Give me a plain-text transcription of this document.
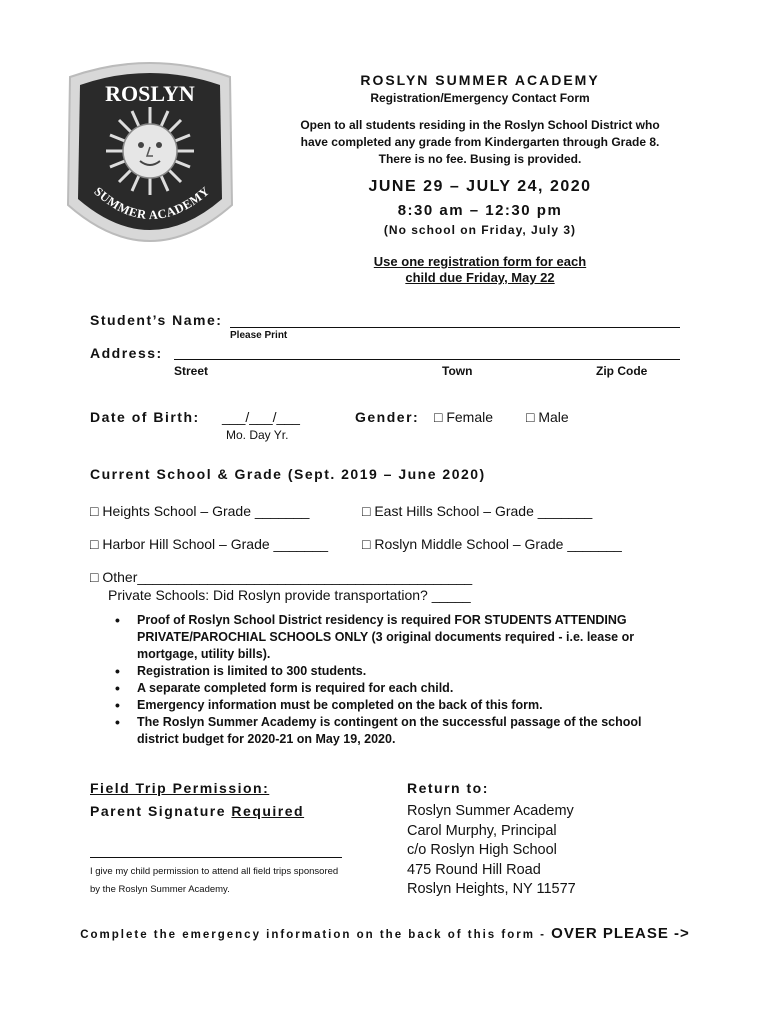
ROSLYN
SUMMER ACADEMY
ROSLYN SUMMER ACADEMY
Registration/Emergency Contact Form
Open to all students residing in the Roslyn School District who
have completed any grade from Kindergarten through Grade 8.
There is no fee. Busing is provided.
JUNE 29 – JULY 24, 2020
8:30 am – 12:30 pm
(No school on Friday, July 3)
Use one registration form for each
child due Friday, May 22
Student’s Name:
Please Print
Address:
Street	Town	Zip Code
Date of Birth: ___/___/___
Mo. Day Yr.
Gender: □ Female □ Male
Current School & Grade (Sept. 2019 – June 2020)
□ Heights School – Grade _______	□ East Hills School – Grade _______
□ Harbor Hill School – Grade _______ □ Roslyn Middle School – Grade _______
□ Other___________________________________________
Private Schools: Did Roslyn provide transportation? _____
• Proof of Roslyn School District residency is required FOR STUDENTS ATTENDING PRIVATE/PAROCHIAL SCHOOLS ONLY (3 original documents required - i.e. lease or mortgage, utility bills).
• Registration is limited to 300 students.
• A separate completed form is required for each child.
• Emergency information must be completed on the back of this form.
• The Roslyn Summer Academy is contingent on the successful passage of the school district budget for 2020-21 on May 19, 2020.
Field Trip Permission:
Parent Signature Required
I give my child permission to attend all field trips sponsored
by the Roslyn Summer Academy.
Return to:
Roslyn Summer Academy
Carol Murphy, Principal
c/o Roslyn High School
475 Round Hill Road
Roslyn Heights, NY 11577
Complete the emergency information on the back of this form - OVER PLEASE ->
